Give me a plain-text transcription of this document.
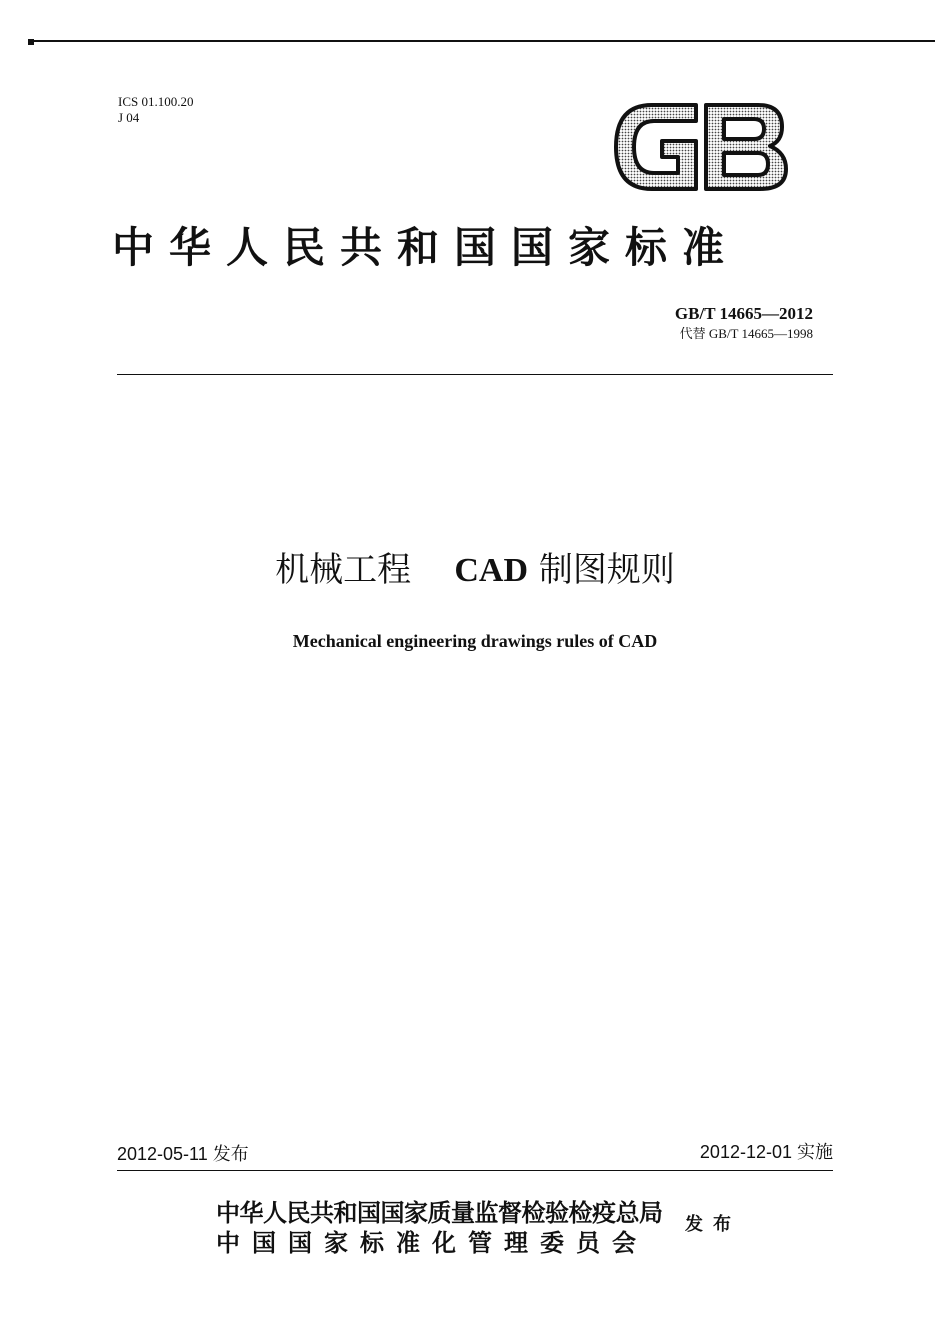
ICS 01.100.20
J 04
中华人民共和国国家标准
GB/T 14665—2012
代替 GB/T 14665—1998
机械工程 CAD 制图规则
Mechanical engineering drawings rules of CAD
2012-05-11 发布	2012-12-01 实施
中华人民共和国国家质量监督检验检疫总局
中国国家标准化管理委员会
发布
